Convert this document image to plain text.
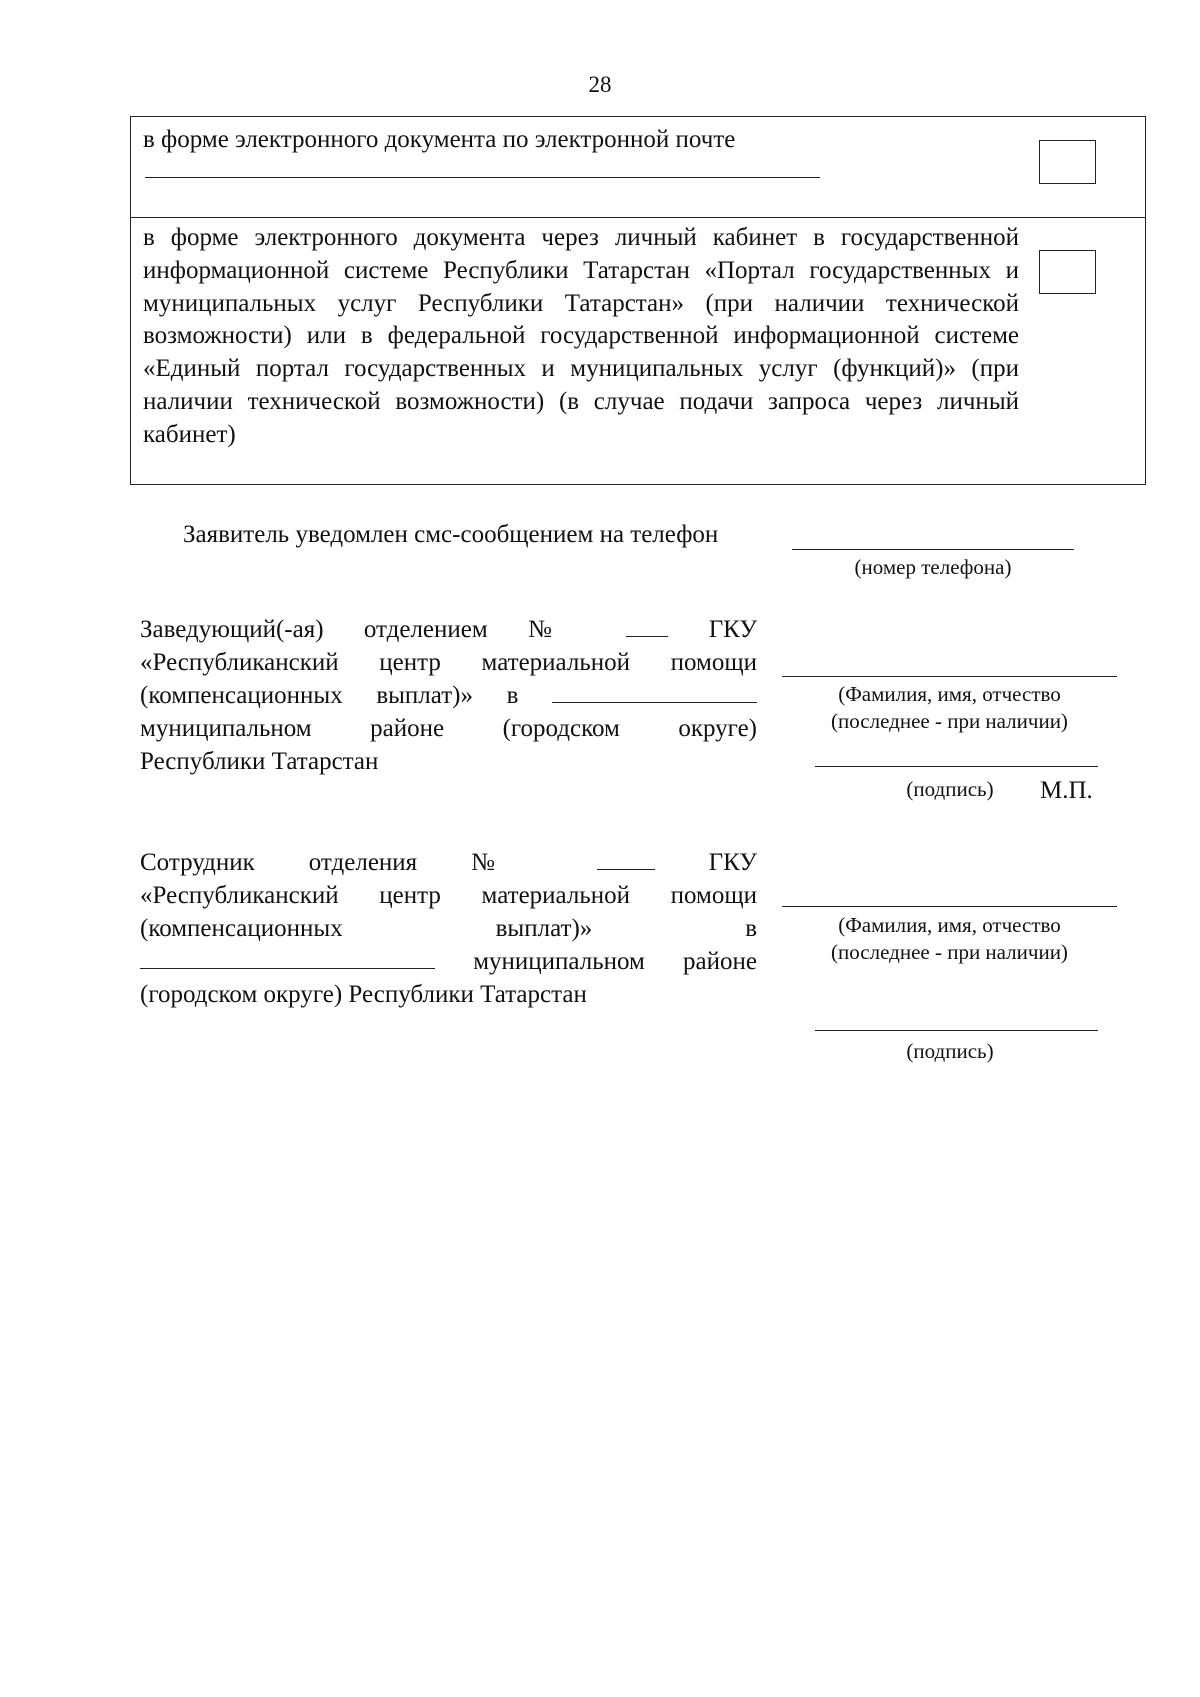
28
в форме электронного документа по электронной почте
в форме электронного документа через личный кабинет в государственной информационной системе Республики Татарстан «Портал государственных и муниципальных услуг Республики Татарстан» (при наличии технической возможности) или в федеральной государственной информационной системе «Единый портал государственных и муниципальных услуг (функций)» (при наличии технической возможности) (в случае подачи запроса через личный кабинет)
Заявитель уведомлен смс-сообщением на телефон
(номер телефона)
Заведующий(-ая) отделением №	ГКУ
«Республиканский центр материальной помощи
(компенсационных выплат)» в
муниципальном районе (городском округе)
Республики Татарстан
(Фамилия, имя, отчество
(последнее - при наличии)
(подпись)	М.П.
Сотрудник отделения №	ГКУ
«Республиканский центр материальной помощи
(компенсационных	выплат)»	в
муниципальном районе
(городском округе) Республики Татарстан
(Фамилия, имя, отчество
(последнее - при наличии)
(подпись)
